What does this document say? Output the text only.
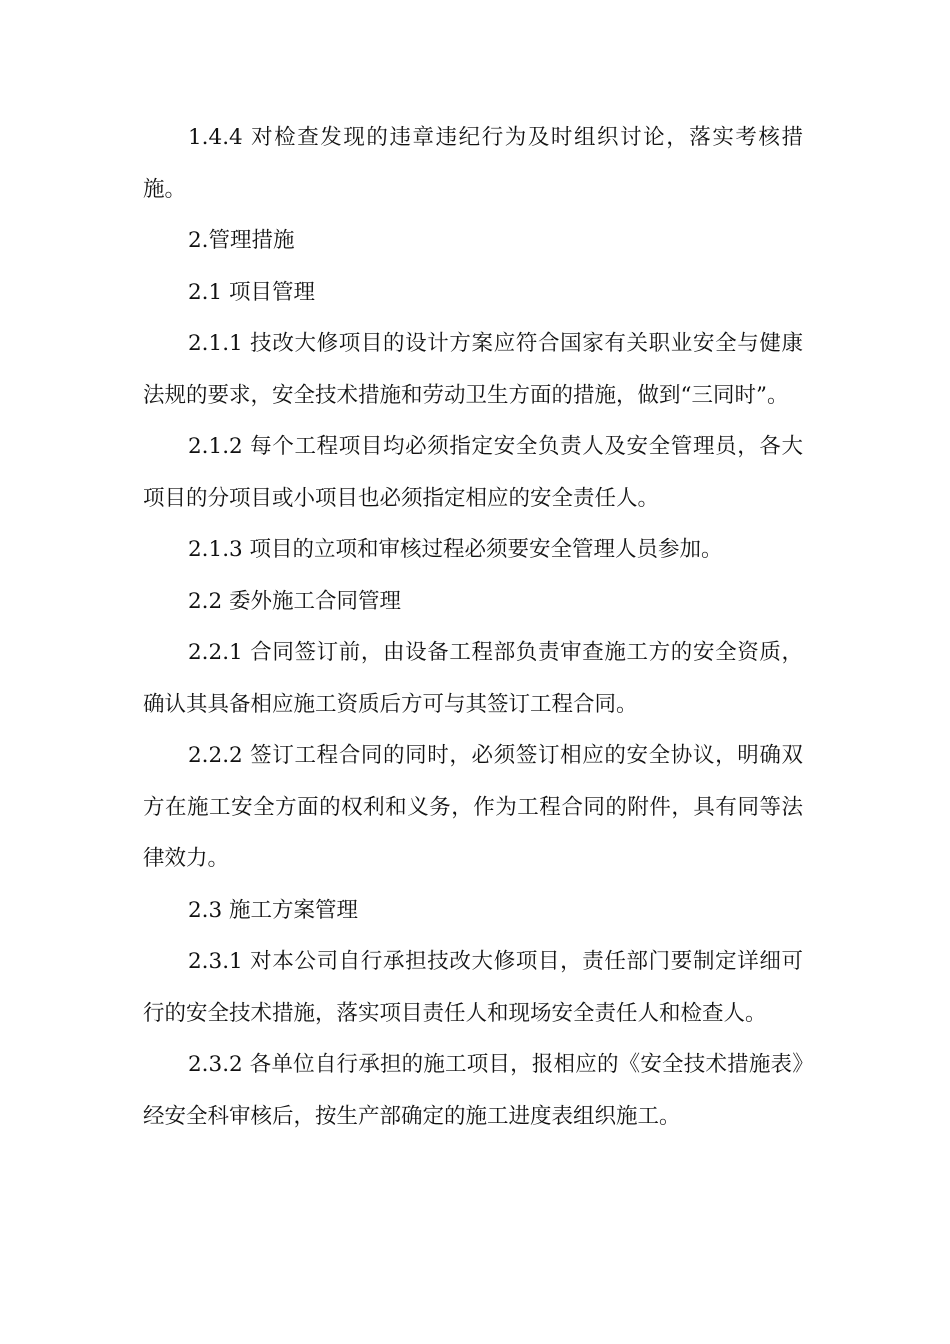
1.4.4 对检查发现的违章违纪行为及时组织讨论，落实考核措施。

2.管理措施

2.1 项目管理

2.1.1 技改大修项目的设计方案应符合国家有关职业安全与健康法规的要求，安全技术措施和劳动卫生方面的措施，做到“三同时”。

2.1.2 每个工程项目均必须指定安全负责人及安全管理员，各大项目的分项目或小项目也必须指定相应的安全责任人。

2.1.3 项目的立项和审核过程必须要安全管理人员参加。

2.2 委外施工合同管理

2.2.1 合同签订前，由设备工程部负责审查施工方的安全资质，确认其具备相应施工资质后方可与其签订工程合同。

2.2.2 签订工程合同的同时，必须签订相应的安全协议，明确双方在施工安全方面的权利和义务，作为工程合同的附件，具有同等法律效力。

2.3 施工方案管理

2.3.1 对本公司自行承担技改大修项目，责任部门要制定详细可行的安全技术措施，落实项目责任人和现场安全责任人和检查人。

2.3.2 各单位自行承担的施工项目，报相应的《安全技术措施表》经安全科审核后，按生产部确定的施工进度表组织施工。
